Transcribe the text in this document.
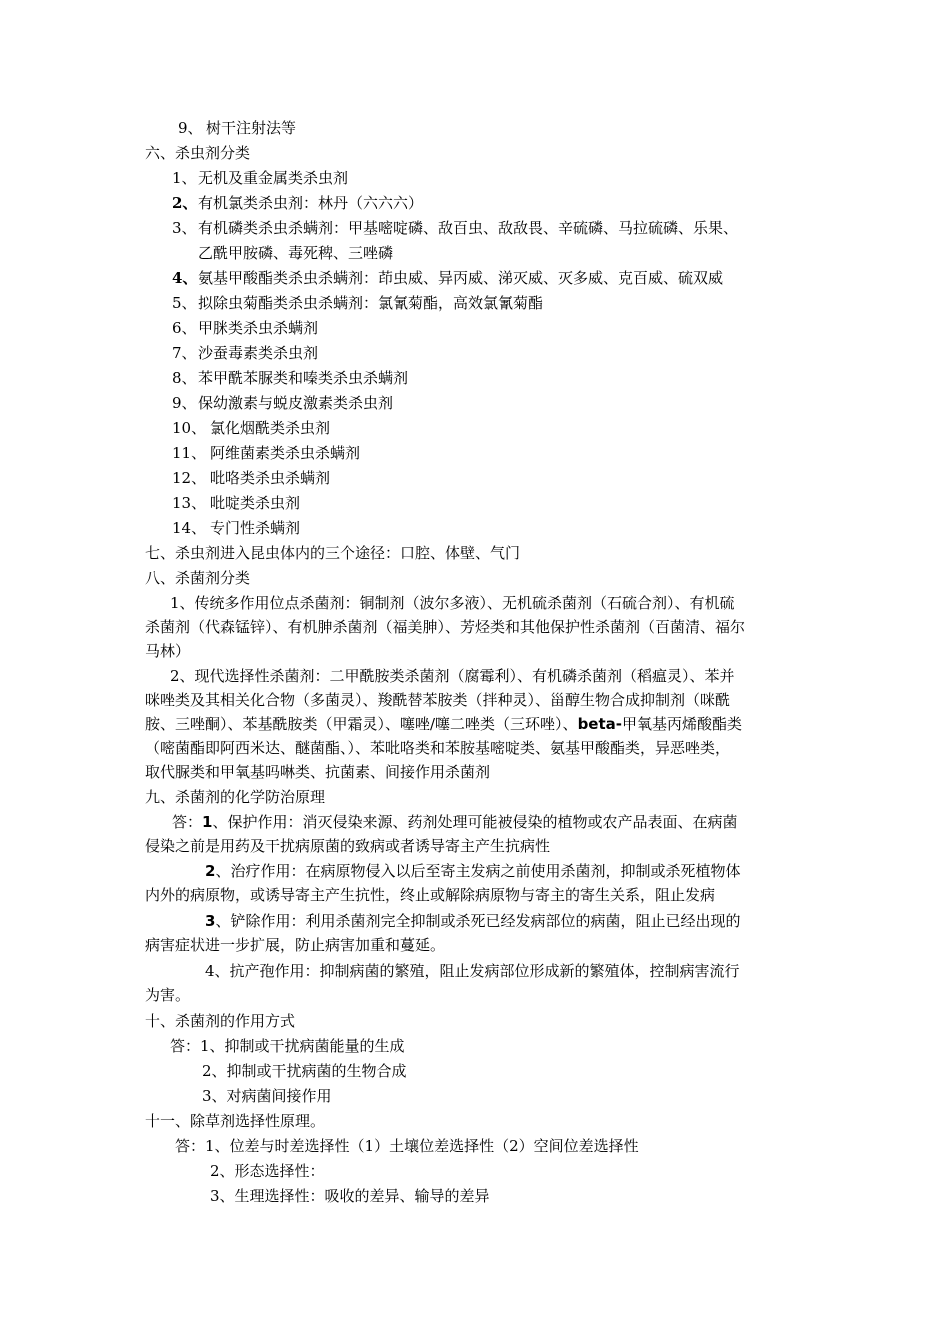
9、 树干注射法等
六、杀虫剂分类
1、无机及重金属类杀虫剂
2、有机氯类杀虫剂：林丹（六六六）
3、有机磷类杀虫杀螨剂：甲基嘧啶磷、敌百虫、敌敌畏、辛硫磷、马拉硫磷、乐果、
乙酰甲胺磷、毒死稗、三唑磷
4、氨基甲酸酯类杀虫杀螨剂：茚虫威、异丙威、涕灭威、灭多威、克百威、硫双威
5、拟除虫菊酯类杀虫杀螨剂：氯氰菊酯，高效氯氰菊酯
6、甲脒类杀虫杀螨剂
7、沙蚕毒素类杀虫剂
8、苯甲酰苯脲类和嗪类杀虫杀螨剂
9、保幼激素与蜕皮激素类杀虫剂
10、 氯化烟酰类杀虫剂
11、 阿维菌素类杀虫杀螨剂
12、 吡咯类杀虫杀螨剂
13、 吡啶类杀虫剂
14、 专门性杀螨剂
七、杀虫剂进入昆虫体内的三个途径：口腔、体壁、气门
八、杀菌剂分类
1、传统多作用位点杀菌剂：铜制剂（波尔多液）、无机硫杀菌剂（石硫合剂）、有机硫
杀菌剂（代森锰锌）、有机胂杀菌剂（福美胂）、芳烃类和其他保护性杀菌剂（百菌清、福尔
马林）
2、现代选择性杀菌剂：二甲酰胺类杀菌剂（腐霉利）、有机磷杀菌剂（稻瘟灵）、苯并
咪唑类及其相关化合物（多菌灵）、羧酰替苯胺类（拌种灵）、甾醇生物合成抑制剂（咪酰
胺、三唑酮）、苯基酰胺类（甲霜灵）、噻唑/噻二唑类（三环唑）、beta-甲氧基丙烯酸酯类
（嘧菌酯即阿西米达、醚菌酯、）、苯吡咯类和苯胺基嘧啶类、氨基甲酸酯类，异恶唑类，
取代脲类和甲氧基吗啉类、抗菌素、间接作用杀菌剂
九、杀菌剂的化学防治原理
答：1、保护作用：消灭侵染来源、药剂处理可能被侵染的植物或农产品表面、在病菌
侵染之前是用药及干扰病原菌的致病或者诱导寄主产生抗病性
2、治疗作用：在病原物侵入以后至寄主发病之前使用杀菌剂，抑制或杀死植物体
内外的病原物，或诱导寄主产生抗性，终止或解除病原物与寄主的寄生关系，阻止发病
3、铲除作用：利用杀菌剂完全抑制或杀死已经发病部位的病菌，阻止已经出现的
病害症状进一步扩展，防止病害加重和蔓延。
4、抗产孢作用：抑制病菌的繁殖，阻止发病部位形成新的繁殖体，控制病害流行
为害。
十、杀菌剂的作用方式
答：1、抑制或干扰病菌能量的生成
2、抑制或干扰病菌的生物合成
3、对病菌间接作用
十一、除草剂选择性原理。
答：1、位差与时差选择性（1）土壤位差选择性（2）空间位差选择性
2、形态选择性：
3、生理选择性：吸收的差异、输导的差异
